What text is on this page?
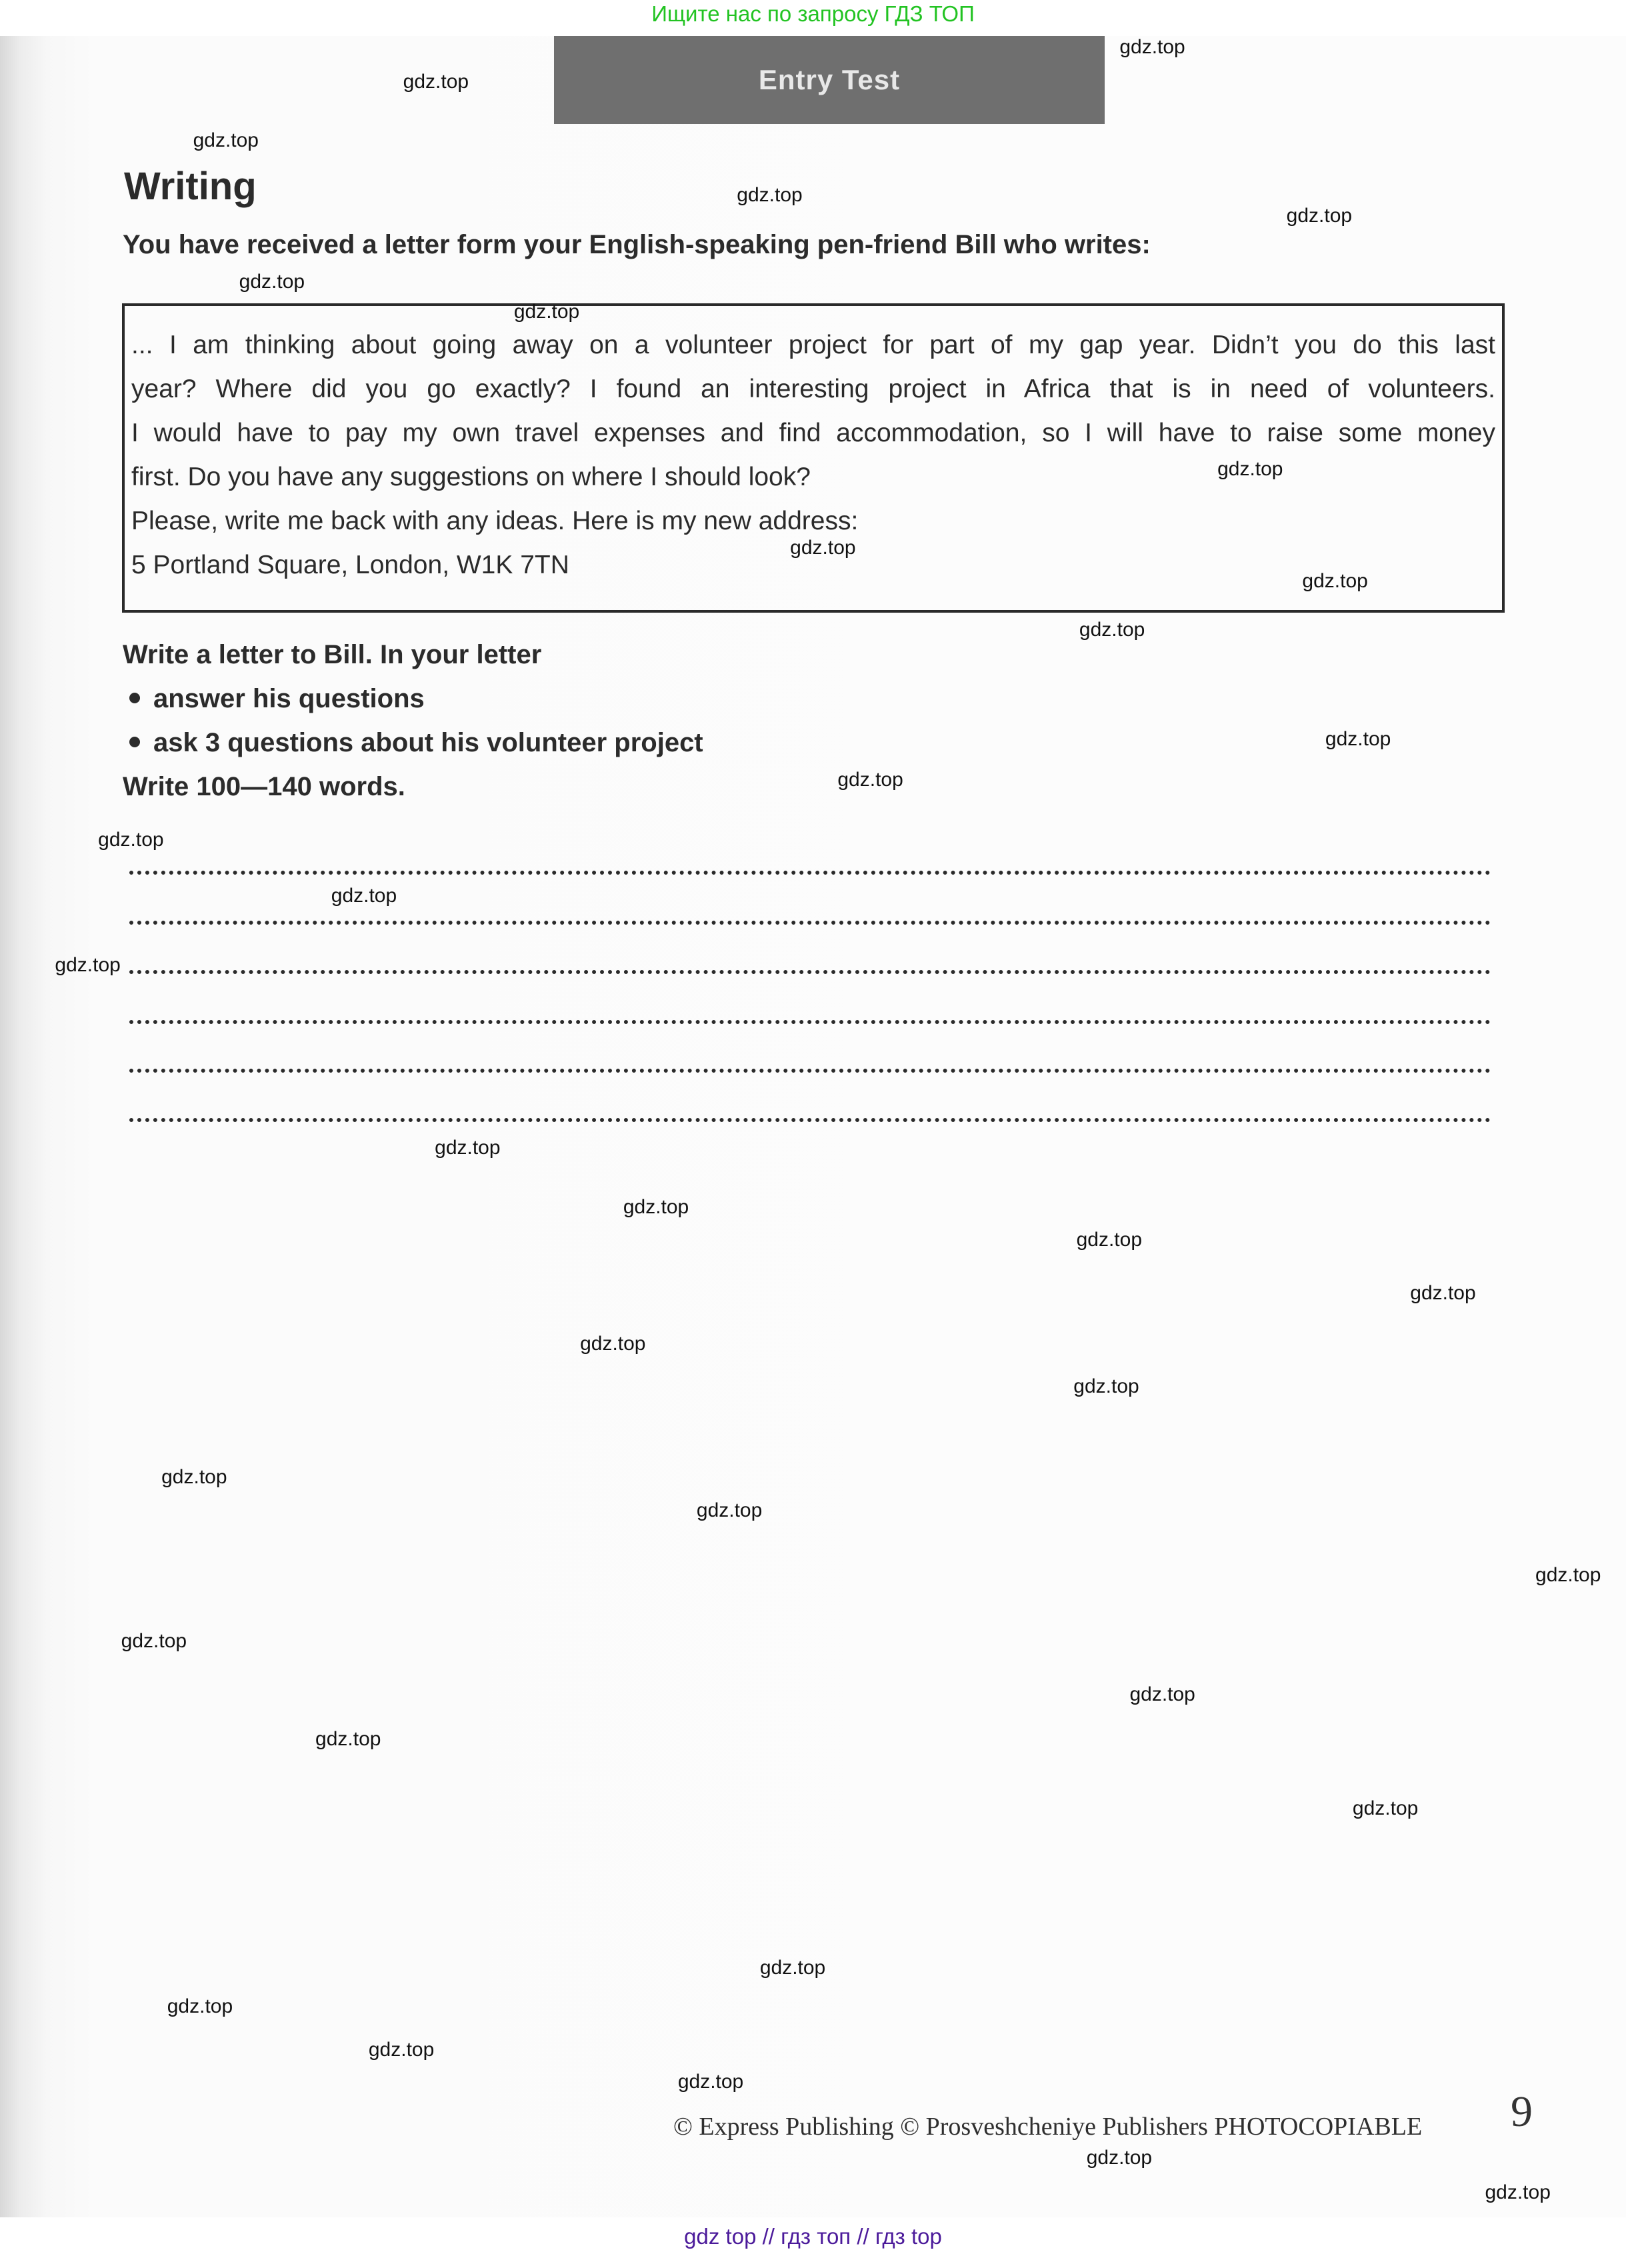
Ищите нас по запросу ГДЗ ТОП
Entry Test
Writing
You have received a letter form your English-speaking pen-friend Bill who writes:
... I am thinking about going away on a volunteer project for part of my gap year. Didn’t you do this last
year? Where did you go exactly? I found an interesting project in Africa that is in need of volunteers.
I would have to pay my own travel expenses and find accommodation, so I will have to raise some money
first. Do you have any suggestions on where I should look?
Please, write me back with any ideas. Here is my new address:
5 Portland Square, London, W1K 7TN
Write a letter to Bill. In your letter
answer his questions
ask 3 questions about his volunteer project
Write 100—140 words.
© Express Publishing © Prosveshcheniye Publishers PHOTOCOPIABLE 9
gdz top // гдз топ // гдз top
gdz.top
gdz.top
gdz.top
gdz.top
gdz.top
gdz.top
gdz.top
gdz.top
gdz.top
gdz.top
gdz.top
gdz.top
gdz.top
gdz.top
gdz.top
gdz.top
gdz.top
gdz.top
gdz.top
gdz.top
gdz.top
gdz.top
gdz.top
gdz.top
gdz.top
gdz.top
gdz.top
gdz.top
gdz.top
gdz.top
gdz.top
gdz.top
gdz.top
gdz.top
gdz.top
